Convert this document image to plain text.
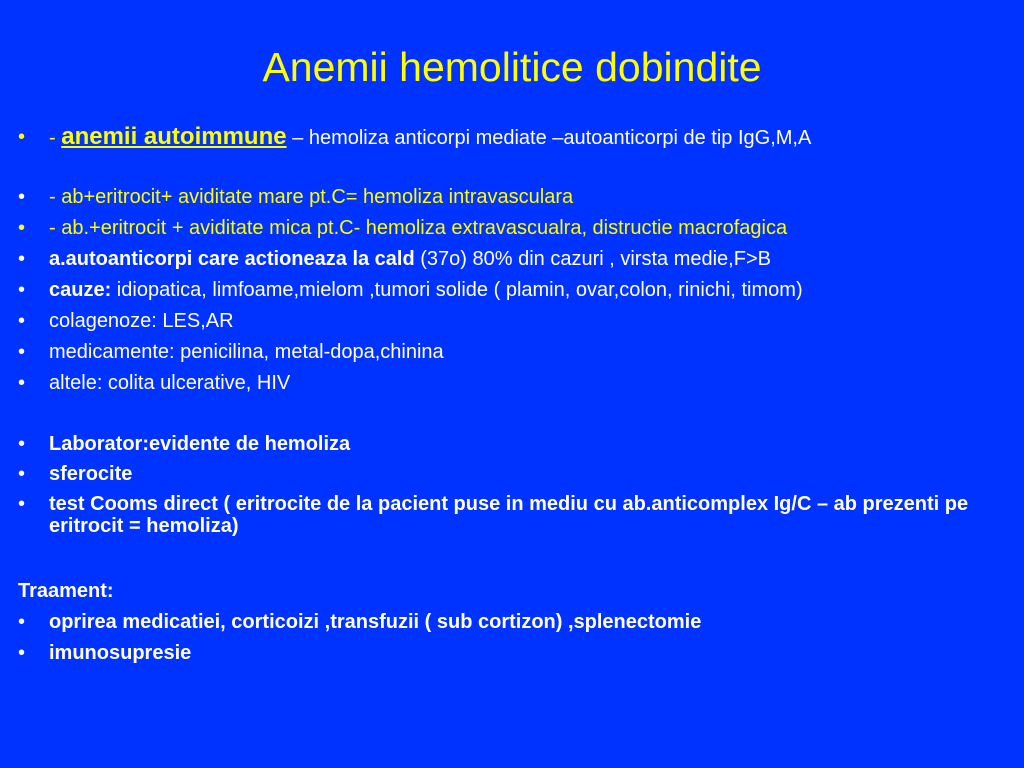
Anemii hemolitice dobindite
•	- anemii autoimmune – hemoliza anticorpi mediate –autoanticorpi de tip IgG,M,A
•	- ab+eritrocit+ aviditate mare pt.C= hemoliza intravasculara
•	- ab.+eritrocit + aviditate mica pt.C- hemoliza extravascualra, distructie macrofagica
•	a.autoanticorpi care actioneaza la cald (37o) 80% din cazuri , virsta medie,F>B
•	cauze: idiopatica, limfoame,mielom ,tumori solide ( plamin, ovar,colon, rinichi, timom)
•	colagenoze: LES,AR
•	medicamente: penicilina, metal-dopa,chinina
•	altele: colita ulcerative, HIV
•	Laborator:evidente de hemoliza
•	sferocite
•	test Cooms direct ( eritrocite de la pacient puse in mediu cu ab.anticomplex Ig/C – ab prezenti pe eritrocit = hemoliza)
Traament:
•	oprirea medicatiei, corticoizi ,transfuzii ( sub cortizon) ,splenectomie
•	imunosupresie
